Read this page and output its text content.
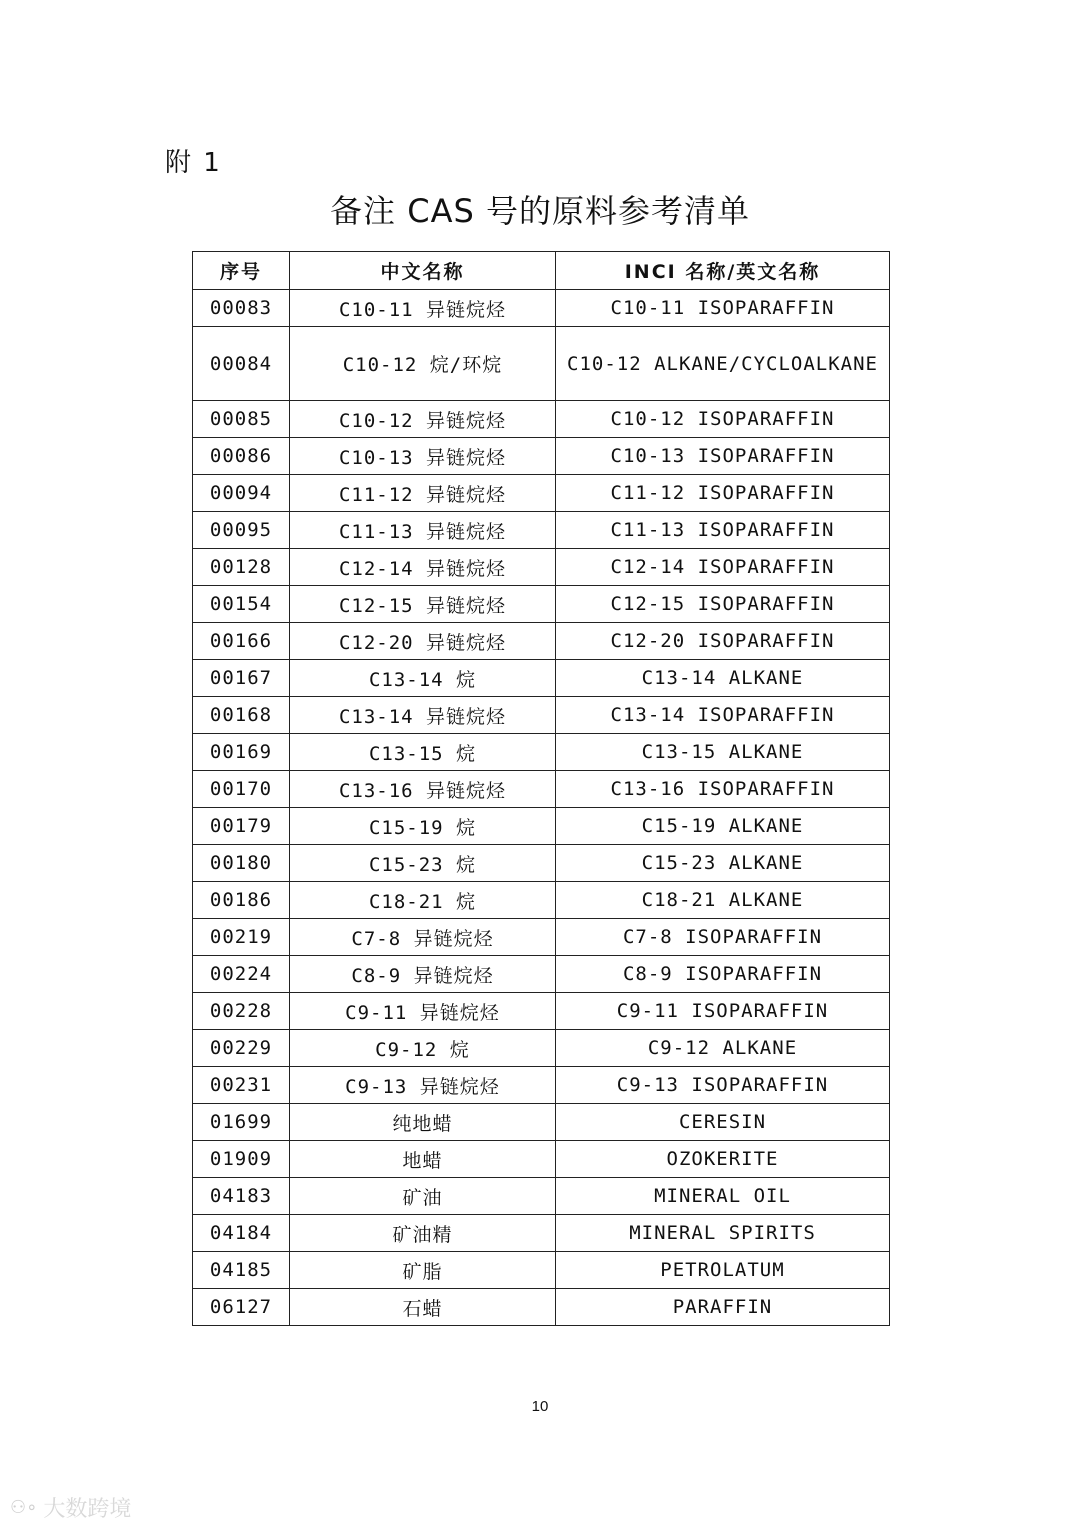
附 1
备注 CAS 号的原料参考清单
序号	中文名称	INCI 名称/英文名称
00083	C10-11 异链烷烃	C10-11 ISOPARAFFIN
00084	C10-12 烷/环烷	C10-12 ALKANE/CYCLOALKANE
00085	C10-12 异链烷烃	C10-12 ISOPARAFFIN
00086	C10-13 异链烷烃	C10-13 ISOPARAFFIN
00094	C11-12 异链烷烃	C11-12 ISOPARAFFIN
00095	C11-13 异链烷烃	C11-13 ISOPARAFFIN
00128	C12-14 异链烷烃	C12-14 ISOPARAFFIN
00154	C12-15 异链烷烃	C12-15 ISOPARAFFIN
00166	C12-20 异链烷烃	C12-20 ISOPARAFFIN
00167	C13-14 烷	C13-14 ALKANE
00168	C13-14 异链烷烃	C13-14 ISOPARAFFIN
00169	C13-15 烷	C13-15 ALKANE
00170	C13-16 异链烷烃	C13-16 ISOPARAFFIN
00179	C15-19 烷	C15-19 ALKANE
00180	C15-23 烷	C15-23 ALKANE
00186	C18-21 烷	C18-21 ALKANE
00219	C7-8 异链烷烃	C7-8 ISOPARAFFIN
00224	C8-9 异链烷烃	C8-9 ISOPARAFFIN
00228	C9-11 异链烷烃	C9-11 ISOPARAFFIN
00229	C9-12 烷	C9-12 ALKANE
00231	C9-13 异链烷烃	C9-13 ISOPARAFFIN
01699	纯地蜡	CERESIN
01909	地蜡	OZOKERITE
04183	矿油	MINERAL OIL
04184	矿油精	MINERAL SPIRITS
04185	矿脂	PETROLATUM
06127	石蜡	PARAFFIN
10
⚇∘ 大数跨境
